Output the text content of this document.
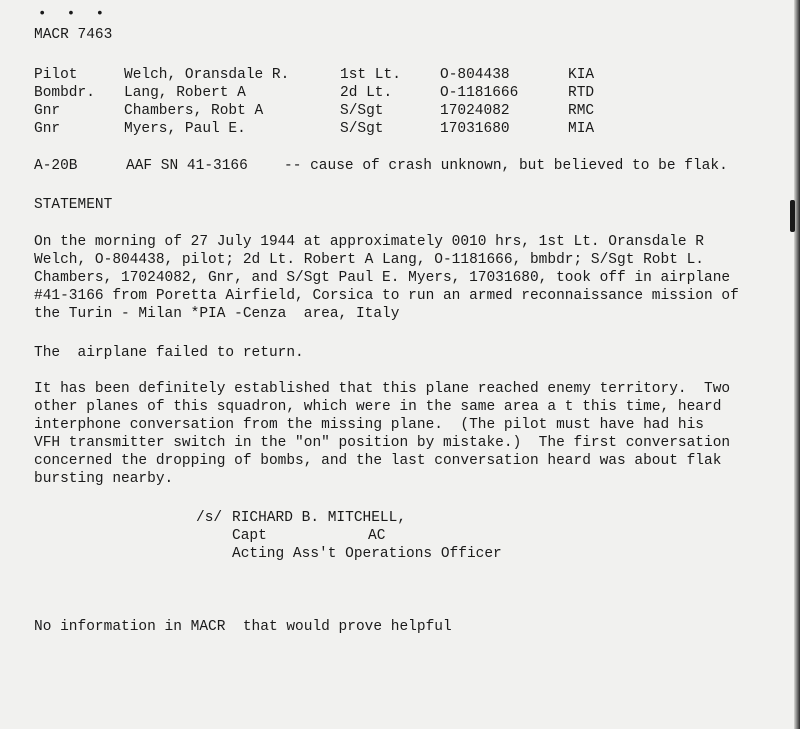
• • •
MACR 7463
Pilot	Welch, Oransdale R.	1st Lt.	O-804438	KIA
Bombdr. Lang, Robert A	2d Lt.	O-1181666	RTD
Gnr	Chambers, Robt A	S/Sgt	17024082	RMC
Gnr	Myers, Paul E.	S/Sgt	17031680	MIA
A-20B	AAF SN 41-3166 -- cause of crash unknown, but believed to be flak.
STATEMENT
On the morning of 27 July 1944 at approximately 0010 hrs, 1st Lt. Oransdale R
Welch, O-804438, pilot; 2d Lt. Robert A Lang, O-1181666, bmbdr; S/Sgt Robt L.
Chambers, 17024082, Gnr, and S/Sgt Paul E. Myers, 17031680, took off in airplane
#41-3166 from Poretta Airfield, Corsica to run an armed reconnaissance mission of
the Turin - Milan *PIA -Cenza  area, Italy
The  airplane failed to return.
It has been definitely established that this plane reached enemy territory.  Two
other planes of this squadron, which were in the same area a t this time, heard
interphone conversation from the missing plane.  (The pilot must have had his
VFH transmitter switch in the "on" position by mistake.)  The first conversation
concerned the dropping of bombs, and the last conversation heard was about flak
bursting nearby.
/s/ RICHARD B. MITCHELL,
Capt	AC
Acting Ass't Operations Officer
No information in MACR  that would prove helpful
